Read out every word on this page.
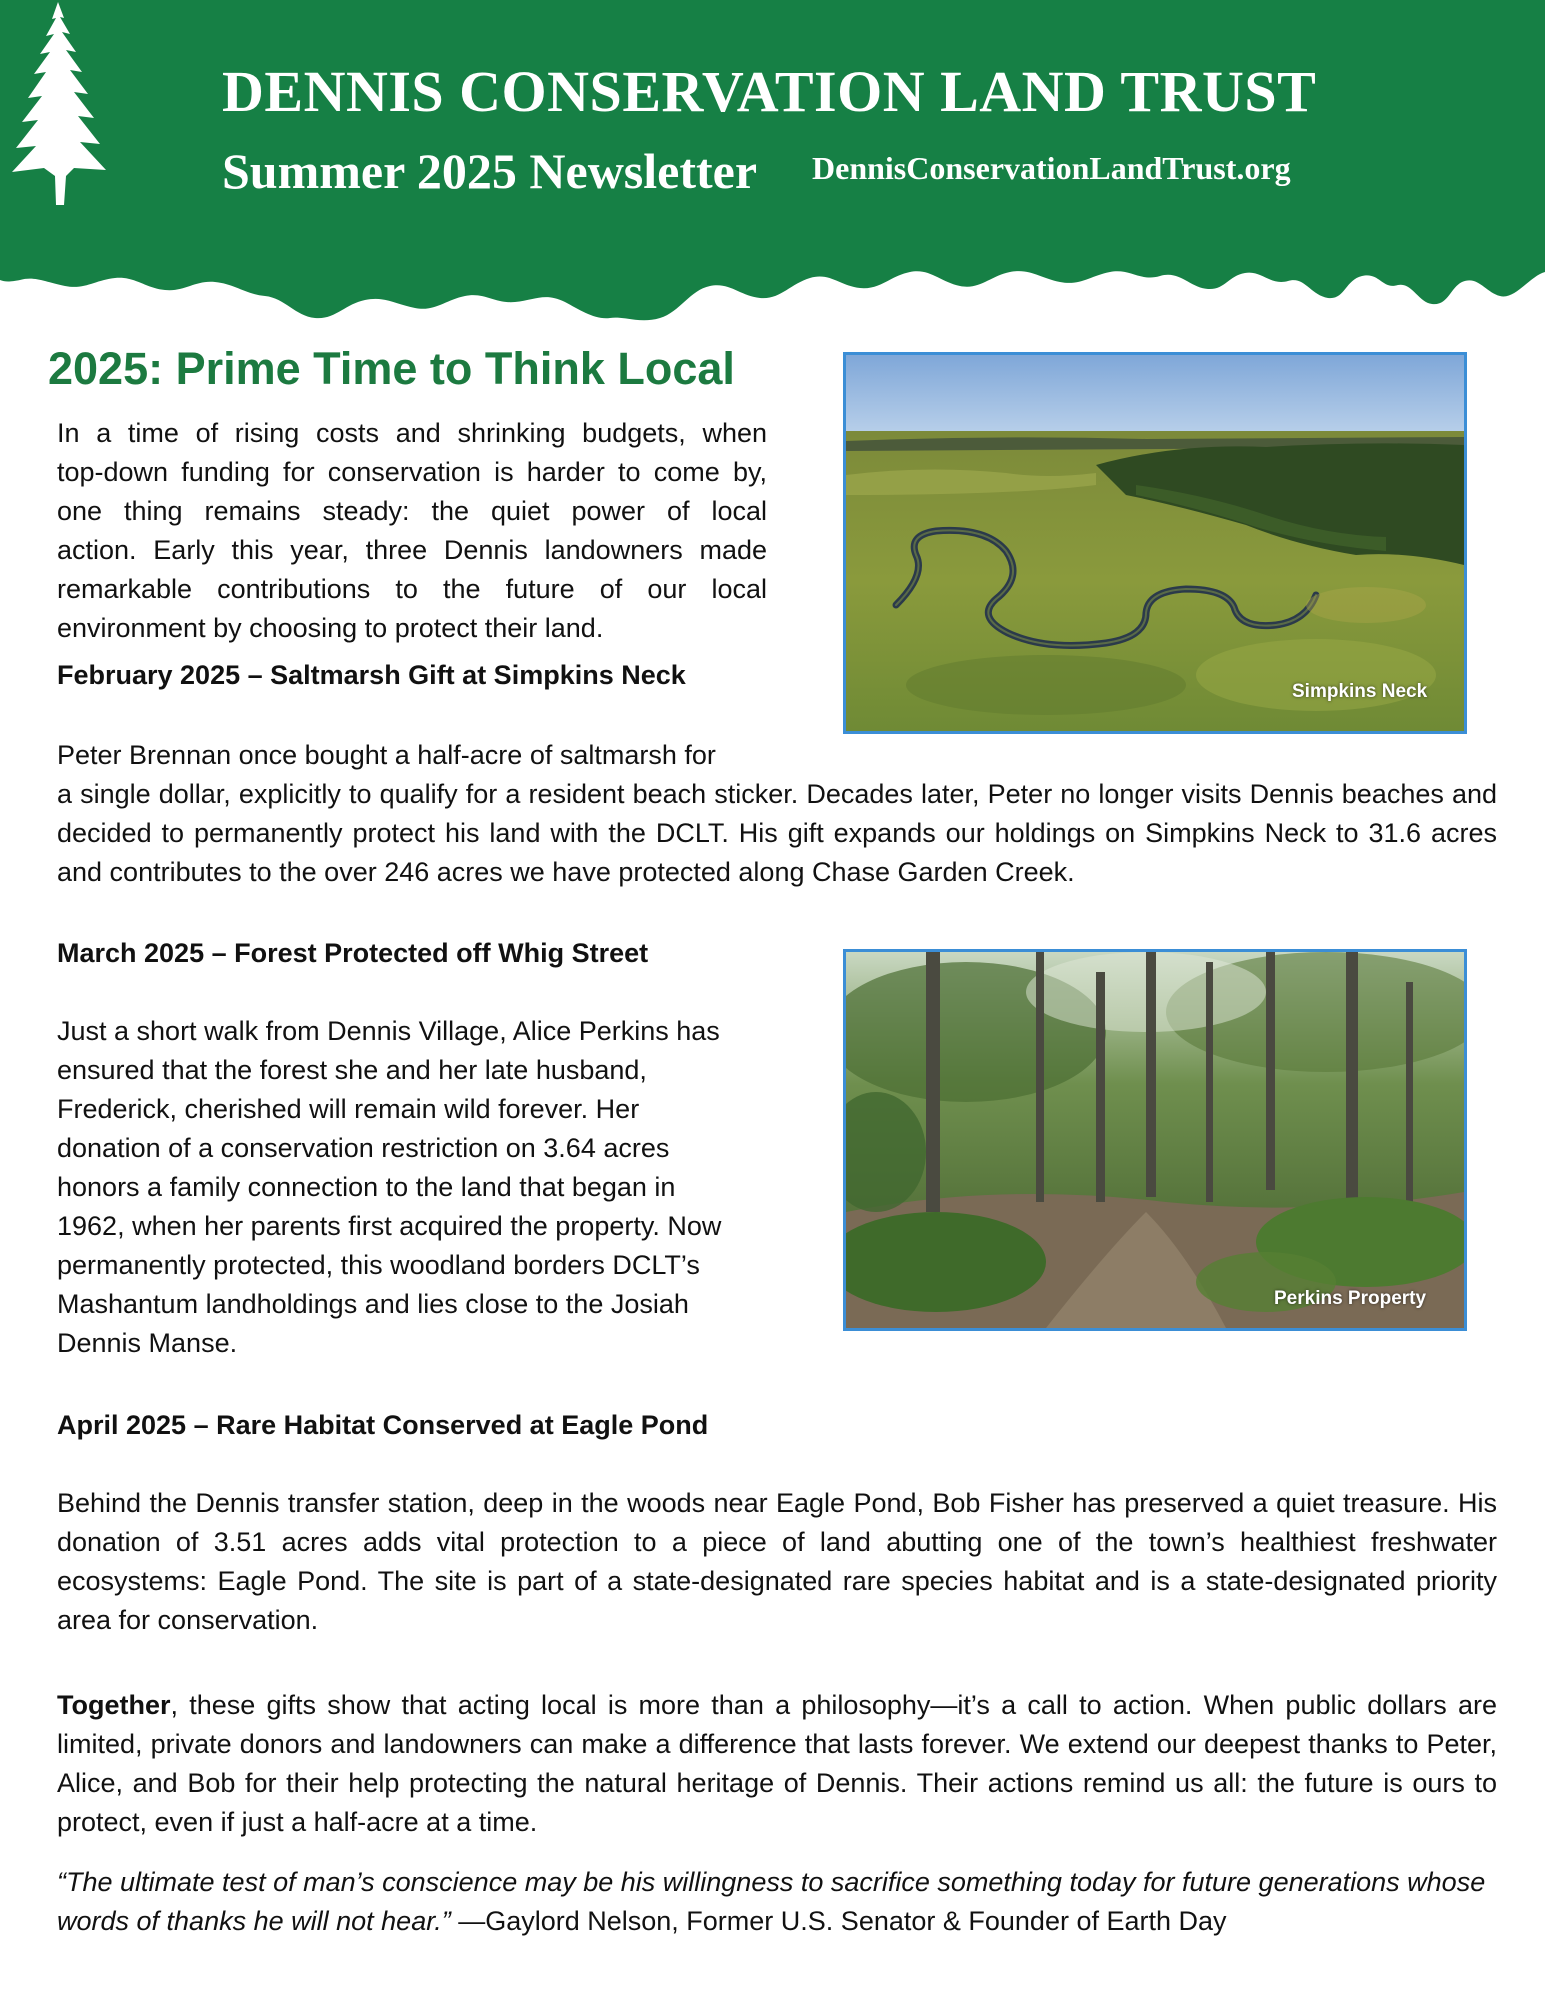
DENNIS CONSERVATION LAND TRUST
Summer 2025 Newsletter DennisConservationLandTrust.org
2025: Prime Time to Think Local
In a time of rising costs and shrinking budgets, when
top-down funding for conservation is harder to come by,
one thing remains steady: the quiet power of local
action. Early this year, three Dennis landowners made
remarkable contributions to the future of our local
environment by choosing to protect their land.
February 2025 – Saltmarsh Gift at Simpkins Neck
Peter Brennan once bought a half-acre of saltmarsh for
a single dollar, explicitly to qualify for a resident beach sticker. Decades later, Peter no longer visits Dennis beaches and decided to permanently protect his land with the DCLT. His gift expands our holdings on Simpkins Neck to 31.6 acres and contributes to the over 246 acres we have protected along Chase Garden Creek.
Simpkins Neck
March 2025 – Forest Protected off Whig Street
Just a short walk from Dennis Village, Alice Perkins has
ensured that the forest she and her late husband,
Frederick, cherished will remain wild forever. Her
donation of a conservation restriction on 3.64 acres
honors a family connection to the land that began in
1962, when her parents first acquired the property. Now
permanently protected, this woodland borders DCLT’s
Mashantum landholdings and lies close to the Josiah
Dennis Manse.
Perkins Property
April 2025 – Rare Habitat Conserved at Eagle Pond
Behind the Dennis transfer station, deep in the woods near Eagle Pond, Bob Fisher has preserved a quiet treasure. His donation of 3.51 acres adds vital protection to a piece of land abutting one of the town’s healthiest freshwater ecosystems: Eagle Pond. The site is part of a state-designated rare species habitat and is a state-designated priority area for conservation.
Together, these gifts show that acting local is more than a philosophy—it’s a call to action. When public dollars are limited, private donors and landowners can make a difference that lasts forever. We extend our deepest thanks to Peter, Alice, and Bob for their help protecting the natural heritage of Dennis. Their actions remind us all: the future is ours to protect, even if just a half-acre at a time.
“The ultimate test of man’s conscience may be his willingness to sacrifice something today for future generations whose words of thanks he will not hear.” —Gaylord Nelson, Former U.S. Senator & Founder of Earth Day
